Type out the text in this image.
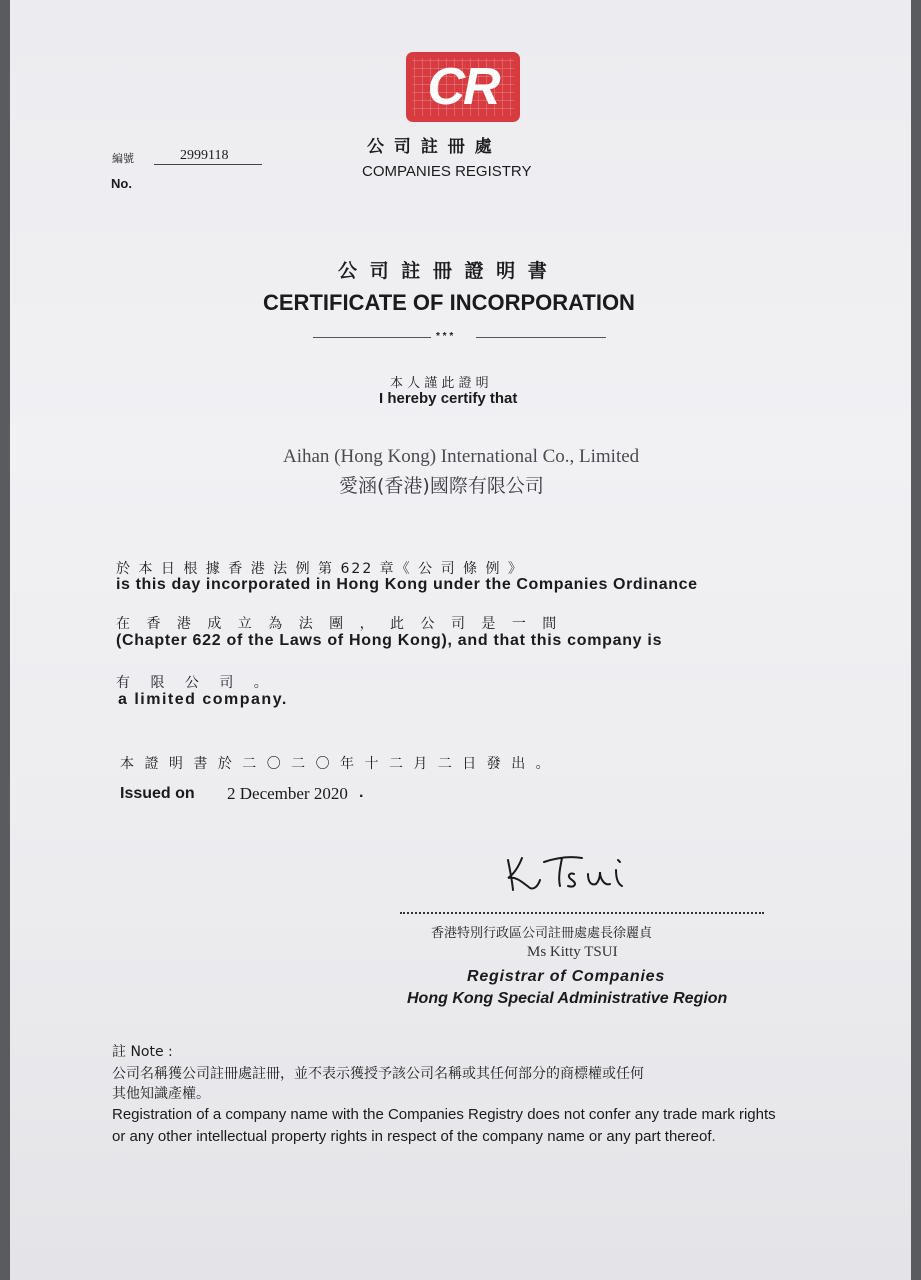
CR
公 司 註 冊 處
COMPANIES REGISTRY
編號	2999118
No.
公 司 註 冊 證 明 書
CERTIFICATE OF INCORPORATION
* * *
本 人 謹 此 證 明
I hereby certify that
Aihan (Hong Kong) International Co., Limited
愛涵(香港)國際有限公司
於 本 日 根 據 香 港 法 例 第 622 章《 公 司 條 例 》
is this day incorporated in Hong Kong under the Companies Ordinance
在 香 港 成 立 為 法 團 ， 此 公 司 是 一 間
(Chapter 622 of the Laws of Hong Kong), and that this company is
有 限 公 司 。
a limited company.
本 證 明 書 於 二 〇 二 〇 年 十 二 月 二 日 發 出 。
Issued on 2 December 2020 .
香港特別行政區公司註冊處處長徐麗貞
Ms Kitty TSUI
Registrar of Companies
Hong Kong Special Administrative Region
註 Note :
公司名稱獲公司註冊處註冊，並不表示獲授予該公司名稱或其任何部分的商標權或任何
其他知識產權。
Registration of a company name with the Companies Registry does not confer any trade mark rights
or any other intellectual property rights in respect of the company name or any part thereof.
